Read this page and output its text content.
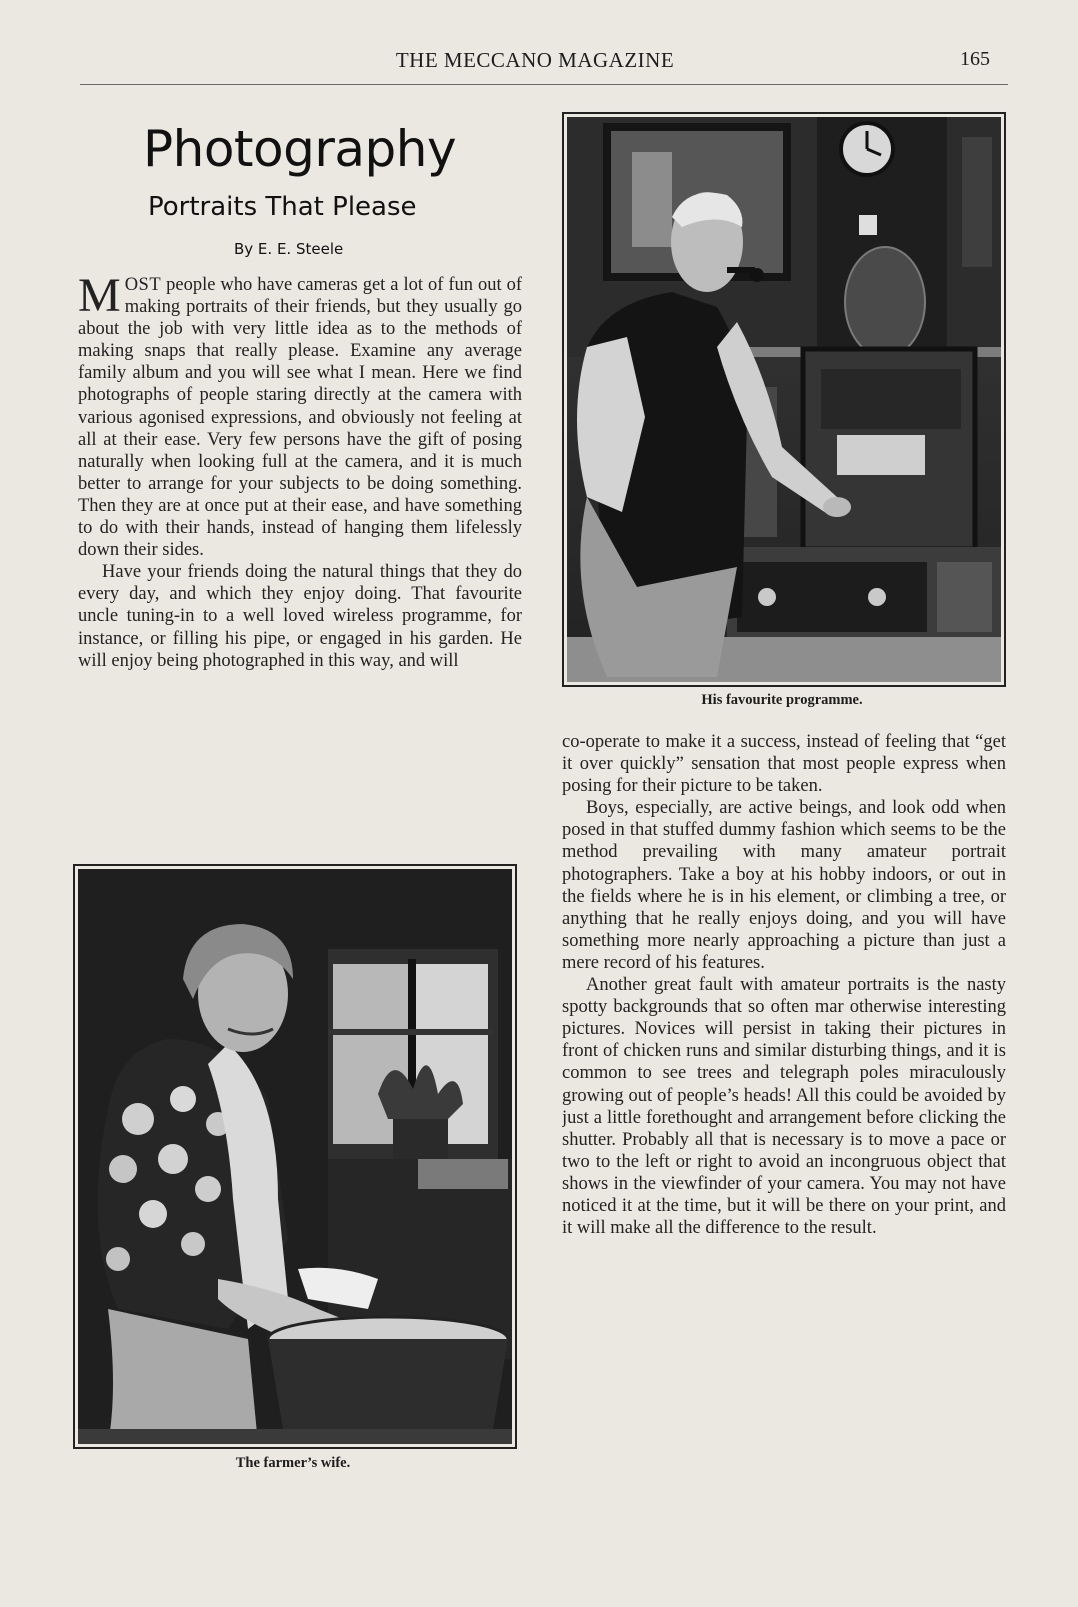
THE MECCANO MAGAZINE	165
Photography
Portraits That Please
By E. E. Steele

MOST people who have cameras get a lot of fun out of making portraits of their friends, but they usually go about the job with very little idea as to the methods of making snaps that really please. Examine any average family album and you will see what I mean. Here we find photographs of people staring directly at the camera with various agonised expressions, and obviously not feeling at all at their ease. Very few persons have the gift of posing naturally when looking full at the camera, and it is much better to arrange for your subjects to be doing something. Then they are at once put at their ease, and have something to do with their hands, instead of hanging them lifelessly down their sides.

Have your friends doing the natural things that they do every day, and which they enjoy doing. That favourite uncle tuning-in to a well loved wireless programme, for instance, or filling his pipe, or engaged in his garden. He will enjoy being photographed in this way, and will

His favourite programme.
The farmer’s wife.

co-operate to make it a success, instead of feeling that “get it over quickly” sensation that most people express when posing for their picture to be taken.

Boys, especially, are active beings, and look odd when posed in that stuffed dummy fashion which seems to be the method prevailing with many amateur portrait photographers. Take a boy at his hobby indoors, or out in the fields where he is in his element, or climbing a tree, or anything that he really enjoys doing, and you will have something more nearly approaching a picture than just a mere record of his features.

Another great fault with amateur portraits is the nasty spotty backgrounds that so often mar otherwise interesting pictures. Novices will persist in taking their pictures in front of chicken runs and similar disturbing things, and it is common to see trees and telegraph poles miraculously growing out of people’s heads! All this could be avoided by just a little forethought and arrangement before clicking the shutter. Probably all that is necessary is to move a pace or two to the left or right to avoid an incongruous object that shows in the viewfinder of your camera. You may not have noticed it at the time, but it will be there on your print, and it will make all the difference to the result.
